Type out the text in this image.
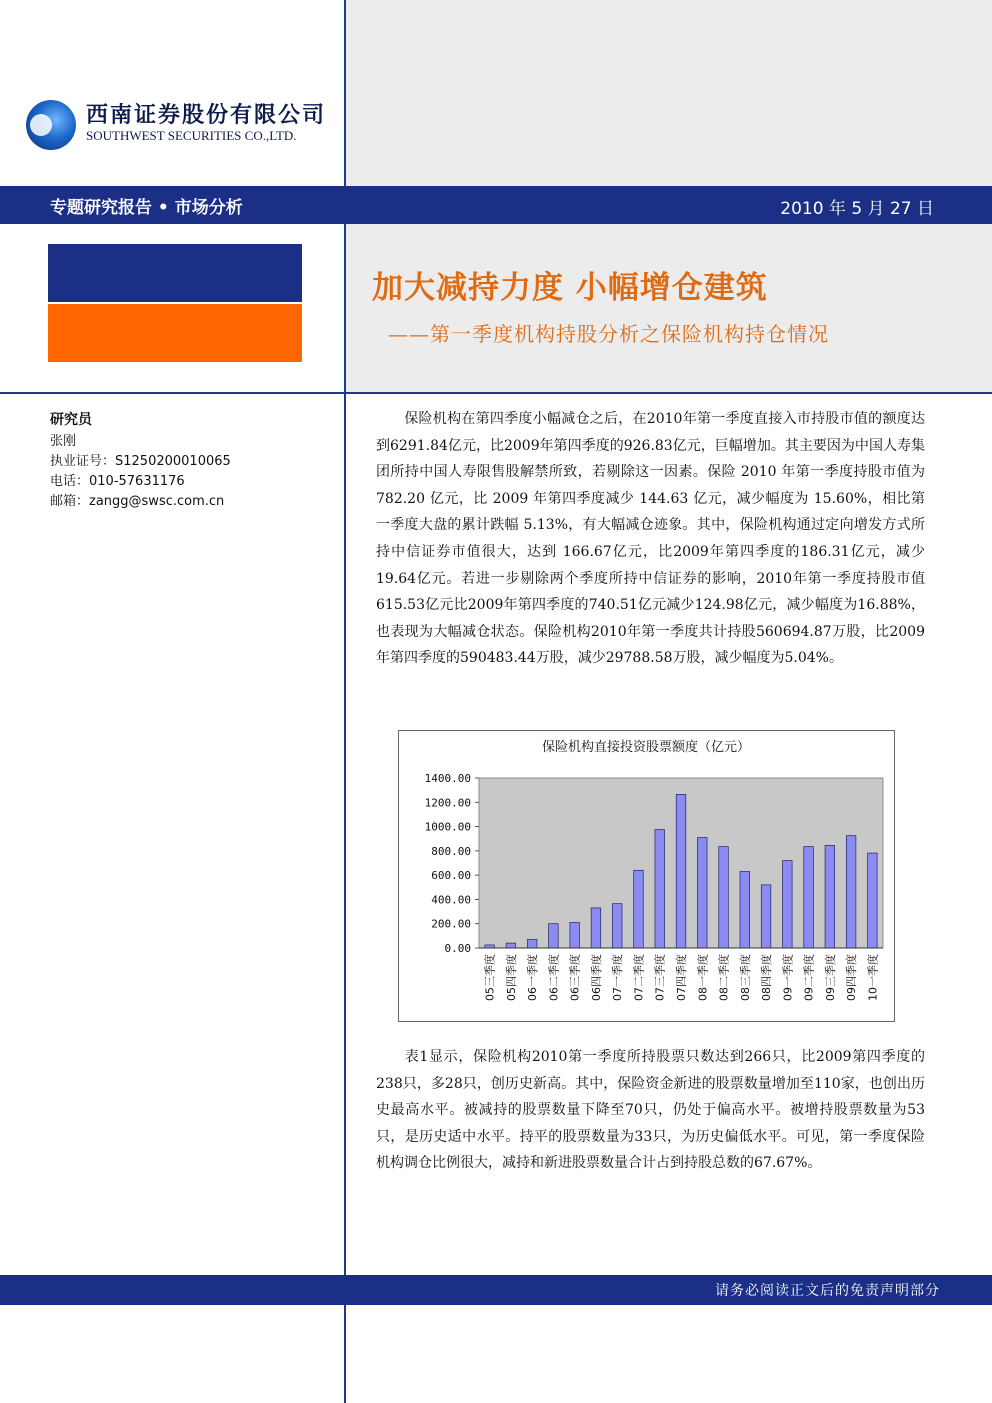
西南证券股份有限公司
SOUTHWEST SECURITIES CO.,LTD.
专题研究报告 • 市场分析	2010 年 5 月 27 日
加大减持力度 小幅增仓建筑
——第一季度机构持股分析之保险机构持仓情况
研究员
张刚
执业证号：S1250200010065
电话：010-57631176
邮箱：zangg@swsc.com.cn
保险机构在第四季度小幅减仓之后，在2010年第一季度直接入市持股市值的额度达到6291.84亿元，比2009年第四季度的926.83亿元，巨幅增加。其主要因为中国人寿集团所持中国人寿限售股解禁所致，若剔除这一因素。保险 2010 年第一季度持股市值为 782.20 亿元，比 2009 年第四季度减少 144.63 亿元，减少幅度为 15.60%，相比第一季度大盘的累计跌幅 5.13%，有大幅减仓迹象。其中，保险机构通过定向增发方式所持中信证券市值很大，达到 166.67亿元，比2009年第四季度的186.31亿元，减少19.64亿元。若进一步剔除两个季度所持中信证券的影响，2010年第一季度持股市值615.53亿元比2009年第四季度的740.51亿元减少124.98亿元，减少幅度为16.88%，也表现为大幅减仓状态。保险机构2010年第一季度共计持股560694.87万股，比2009年第四季度的590483.44万股，减少29788.58万股，减少幅度为5.04%。
保险机构直接投资股票额度（亿元）
0.00
200.00
400.00
600.00
800.00
1000.00
1200.00
1400.00
05三季度 05四季度 06一季度 06二季度 06三季度 06四季度 07一季度 07二季度 07三季度 07四季度 08一季度 08二季度 08三季度 08四季度 09一季度 09二季度 09三季度 09四季度 10一季度
表1显示，保险机构2010第一季度所持股票只数达到266只，比2009第四季度的238只，多28只，创历史新高。其中，保险资金新进的股票数量增加至110家，也创出历史最高水平。被减持的股票数量下降至70只，仍处于偏高水平。被增持股票数量为53只，是历史适中水平。持平的股票数量为33只，为历史偏低水平。可见，第一季度保险机构调仓比例很大，减持和新进股票数量合计占到持股总数的67.67%。
请务必阅读正文后的免责声明部分
